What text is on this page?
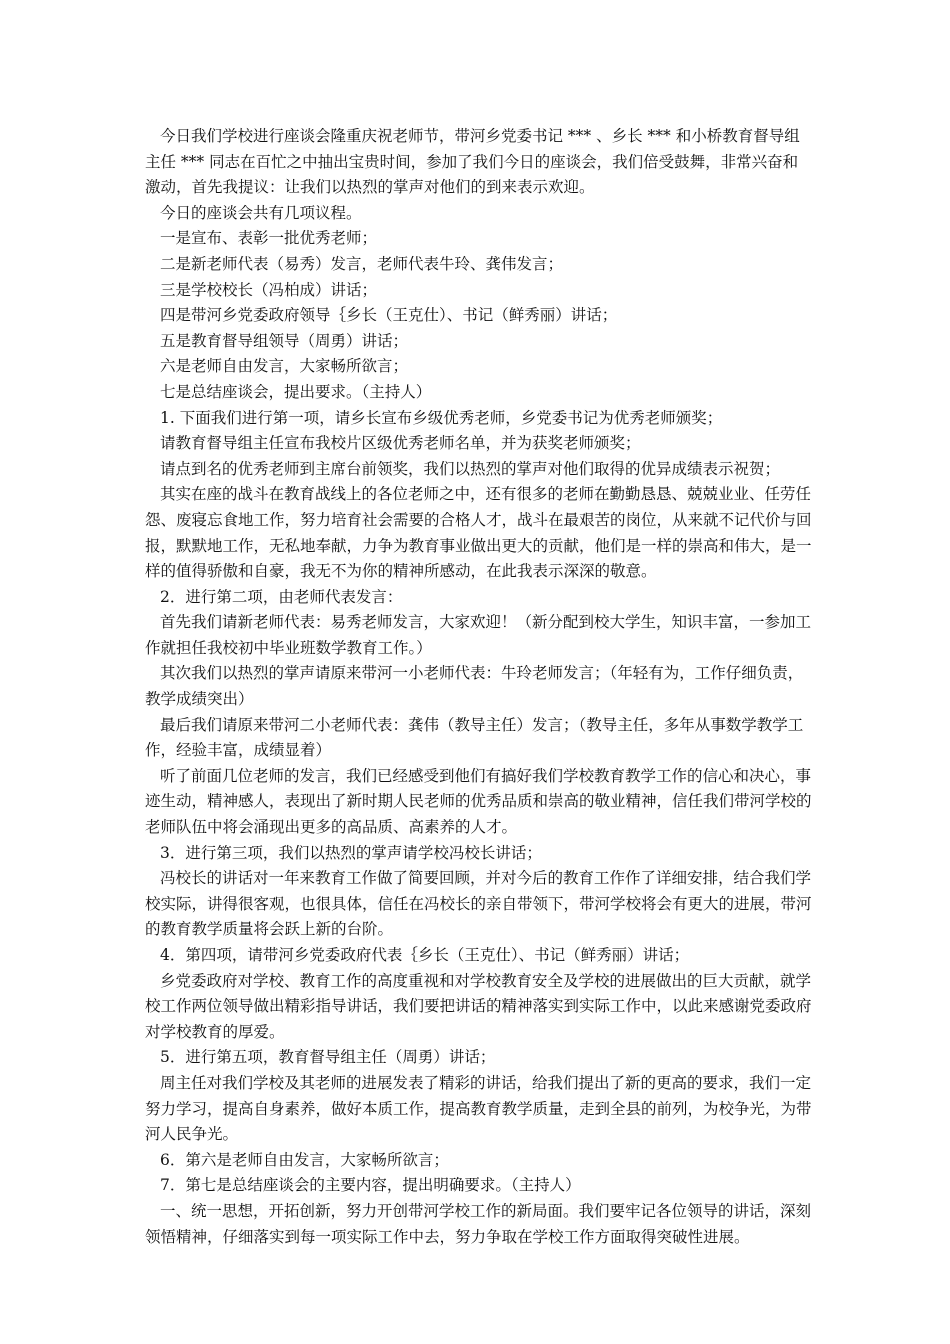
今日我们学校进行座谈会隆重庆祝老师节，带河乡党委书记 *** 、乡长 *** 和小桥教育督导组主任 *** 同志在百忙之中抽出宝贵时间，参加了我们今日的座谈会，我们倍受鼓舞，非常兴奋和激动，首先我提议：让我们以热烈的掌声对他们的到来表示欢迎。

今日的座谈会共有几项议程。

一是宣布、表彰一批优秀老师；

二是新老师代表（易秀）发言，老师代表牛玲、龚伟发言；

三是学校校长（冯柏成）讲话；

四是带河乡党委政府领导｛乡长（王克仕）、书记（鲜秀丽）讲话；

五是教育督导组领导（周勇）讲话；

六是老师自由发言，大家畅所欲言；

七是总结座谈会，提出要求。（主持人）

1. 下面我们进行第一项，请乡长宣布乡级优秀老师，乡党委书记为优秀老师颁奖；

请教育督导组主任宣布我校片区级优秀老师名单，并为获奖老师颁奖；

请点到名的优秀老师到主席台前领奖，我们以热烈的掌声对他们取得的优异成绩表示祝贺；

其实在座的战斗在教育战线上的各位老师之中，还有很多的老师在勤勤恳恳、兢兢业业、任劳任怨、废寝忘食地工作，努力培育社会需要的合格人才，战斗在最艰苦的岗位，从来就不记代价与回报，默默地工作，无私地奉献，力争为教育事业做出更大的贡献，他们是一样的崇高和伟大，是一样的值得骄傲和自豪，我无不为你的精神所感动，在此我表示深深的敬意。

2．进行第二项，由老师代表发言：

首先我们请新老师代表：易秀老师发言，大家欢迎！（新分配到校大学生，知识丰富，一参加工作就担任我校初中毕业班数学教育工作。）

其次我们以热烈的掌声请原来带河一小老师代表：牛玲老师发言；（年轻有为，工作仔细负责，教学成绩突出）

最后我们请原来带河二小老师代表：龚伟（教导主任）发言；（教导主任，多年从事数学教学工作，经验丰富，成绩显着）

听了前面几位老师的发言，我们已经感受到他们有搞好我们学校教育教学工作的信心和决心，事迹生动，精神感人，表现出了新时期人民老师的优秀品质和崇高的敬业精神，信任我们带河学校的老师队伍中将会涌现出更多的高品质、高素养的人才。

3．进行第三项，我们以热烈的掌声请学校冯校长讲话；

冯校长的讲话对一年来教育工作做了简要回顾，并对今后的教育工作作了详细安排，结合我们学校实际，讲得很客观，也很具体，信任在冯校长的亲自带领下，带河学校将会有更大的进展，带河的教育教学质量将会跃上新的台阶。

4．第四项，请带河乡党委政府代表｛乡长（王克仕）、书记（鲜秀丽）讲话；

乡党委政府对学校、教育工作的高度重视和对学校教育安全及学校的进展做出的巨大贡献，就学校工作两位领导做出精彩指导讲话，我们要把讲话的精神落实到实际工作中，以此来感谢党委政府对学校教育的厚爱。

5．进行第五项，教育督导组主任（周勇）讲话；

周主任对我们学校及其老师的进展发表了精彩的讲话，给我们提出了新的更高的要求，我们一定努力学习，提高自身素养，做好本质工作，提高教育教学质量，走到全县的前列，为校争光，为带河人民争光。

6．第六是老师自由发言，大家畅所欲言；

7．第七是总结座谈会的主要内容，提出明确要求。（主持人）

一、统一思想，开拓创新，努力开创带河学校工作的新局面。我们要牢记各位领导的讲话，深刻领悟精神，仔细落实到每一项实际工作中去，努力争取在学校工作方面取得突破性进展。
